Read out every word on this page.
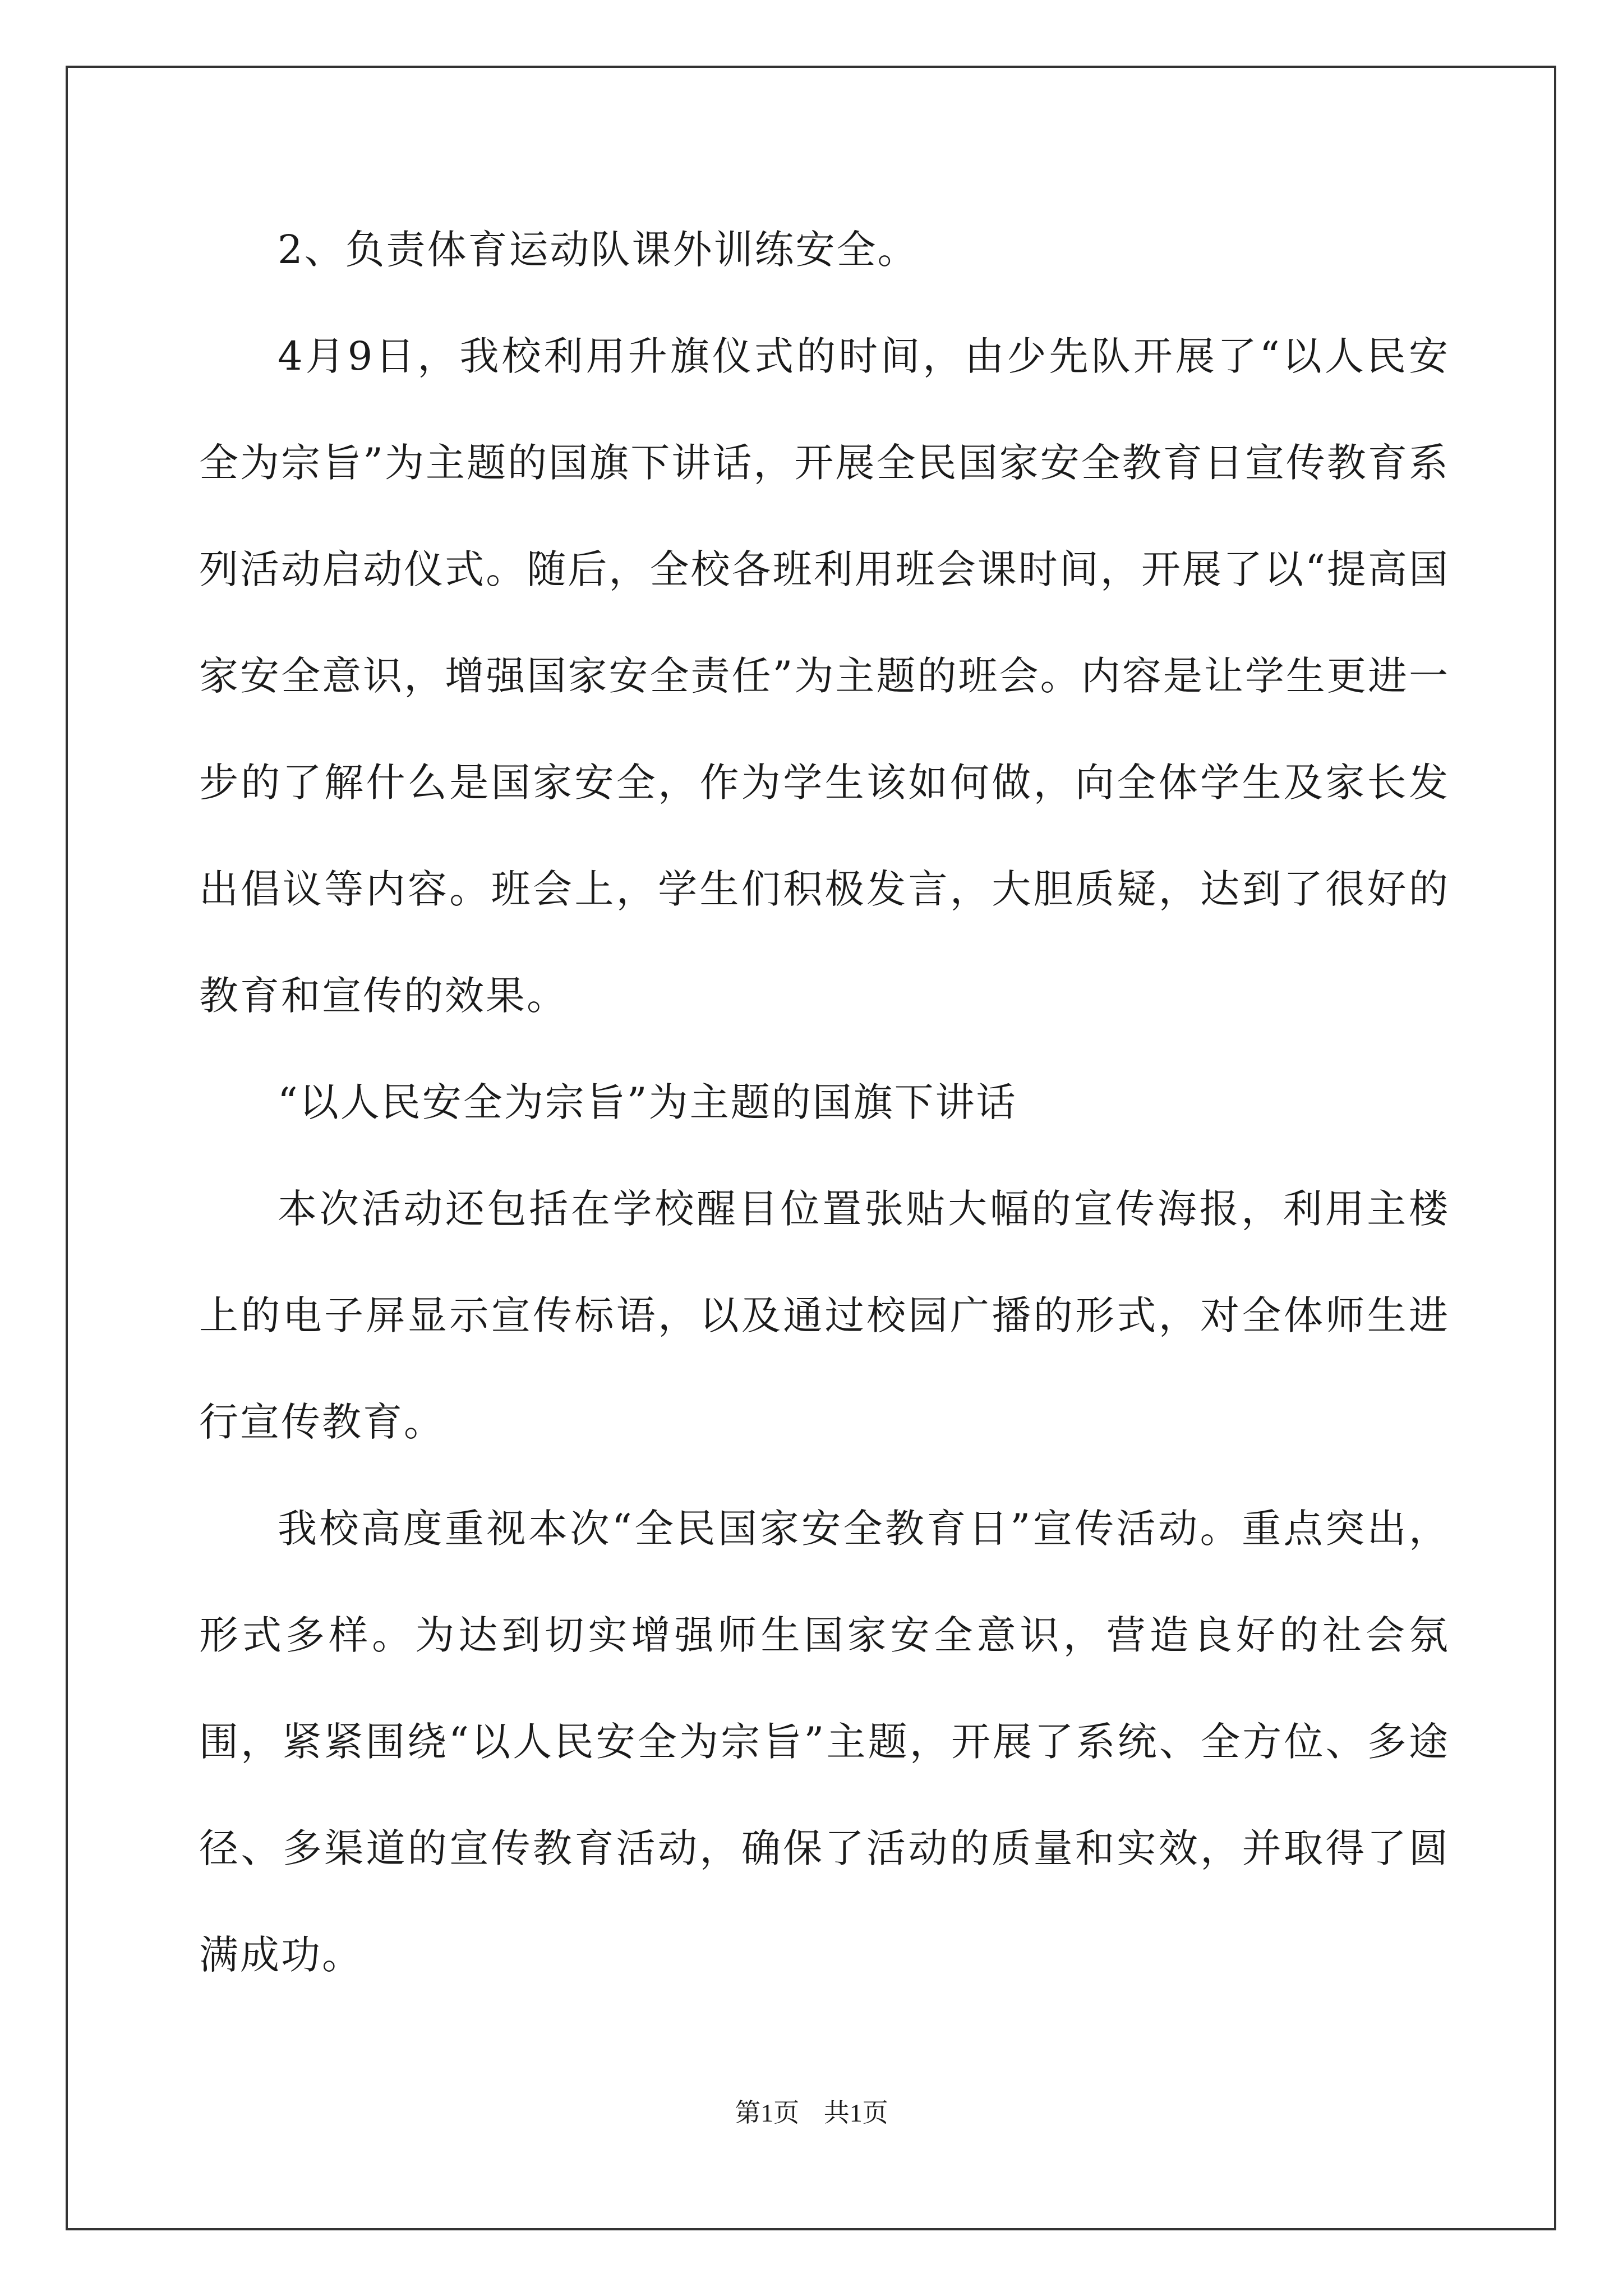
2、负责体育运动队课外训练安全。

4月9日，我校利用升旗仪式的时间，由少先队开展了“以人民安全为宗旨”为主题的国旗下讲话，开展全民国家安全教育日宣传教育系列活动启动仪式。随后，全校各班利用班会课时间，开展了以“提高国家安全意识，增强国家安全责任”为主题的班会。内容是让学生更进一步的了解什么是国家安全，作为学生该如何做，向全体学生及家长发出倡议等内容。班会上，学生们积极发言，大胆质疑，达到了很好的教育和宣传的效果。

“以人民安全为宗旨”为主题的国旗下讲话

本次活动还包括在学校醒目位置张贴大幅的宣传海报，利用主楼上的电子屏显示宣传标语，以及通过校园广播的形式，对全体师生进行宣传教育。

我校高度重视本次“全民国家安全教育日”宣传活动。重点突出，形式多样。为达到切实增强师生国家安全意识，营造良好的社会氛围，紧紧围绕“以人民安全为宗旨”主题，开展了系统、全方位、多途径、多渠道的宣传教育活动，确保了活动的质量和实效，并取得了圆满成功。

第1页 共1页
